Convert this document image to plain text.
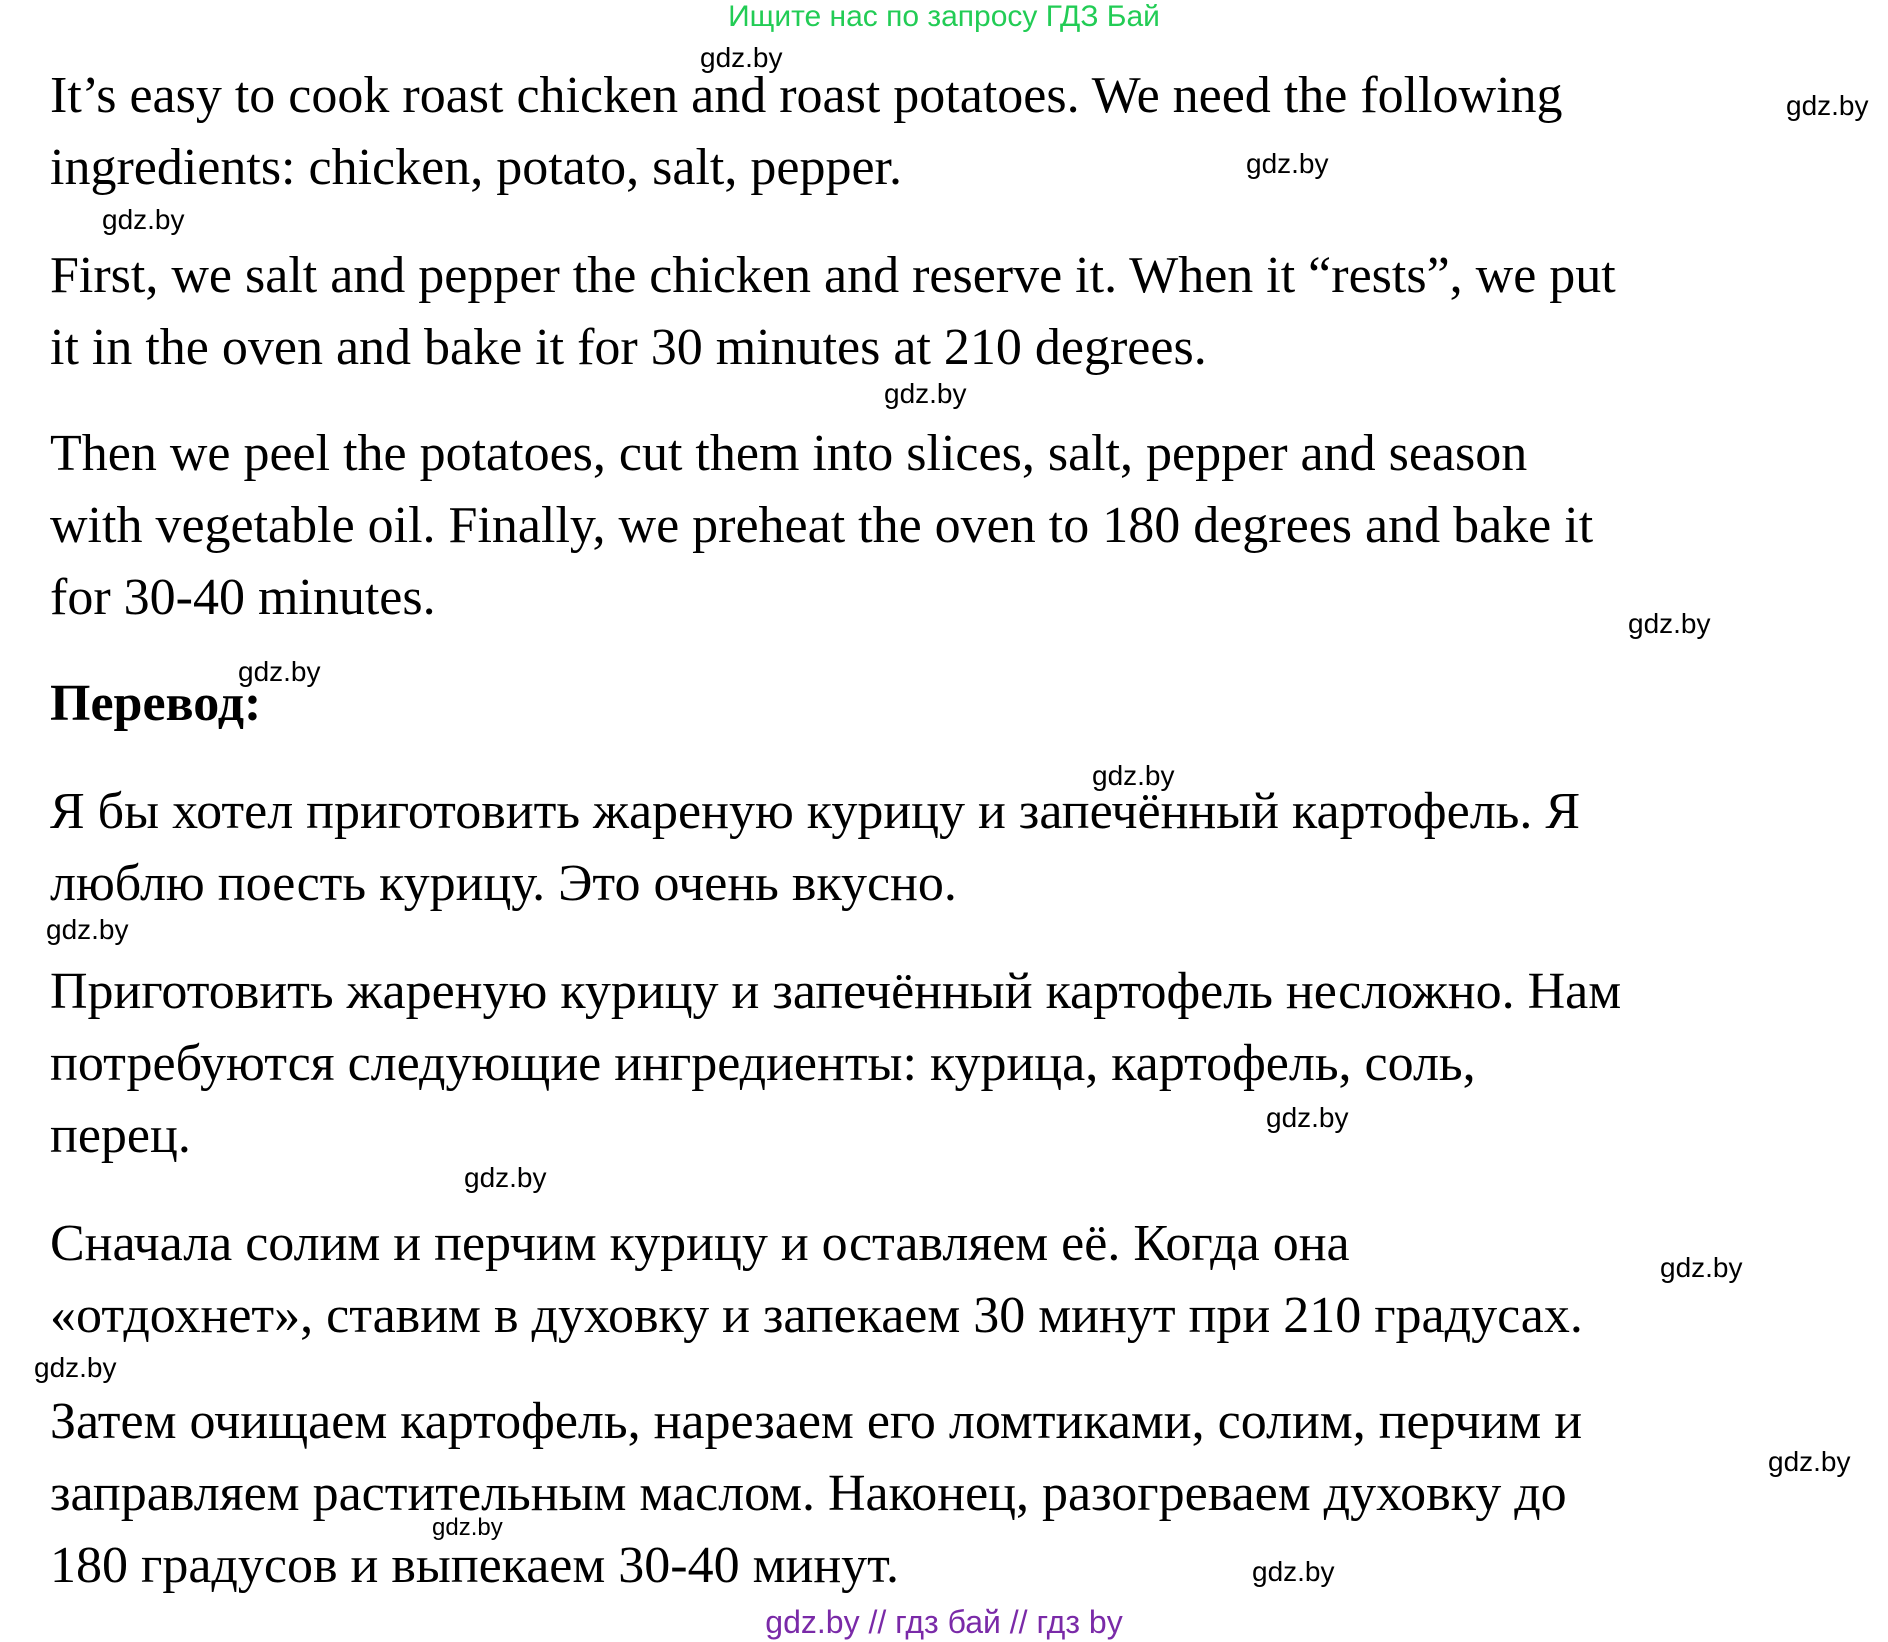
Ищите нас по запросу ГДЗ Бай
It’s easy to cook roast chicken and roast potatoes. We need the following
ingredients: chicken, potato, salt, pepper.
First, we salt and pepper the chicken and reserve it. When it “rests”, we put
it in the oven and bake it for 30 minutes at 210 degrees.
Then we peel the potatoes, cut them into slices, salt, pepper and season
with vegetable oil. Finally, we preheat the oven to 180 degrees and bake it
for 30-40 minutes.
Перевод:
Я бы хотел приготовить жареную курицу и запечённый картофель. Я
люблю поесть курицу. Это очень вкусно.
Приготовить жареную курицу и запечённый картофель несложно. Нам
потребуются следующие ингредиенты: курица, картофель, соль,
перец.
Сначала солим и перчим курицу и оставляем её. Когда она
«отдохнет», ставим в духовку и запекаем 30 минут при 210 градусах.
Затем очищаем картофель, нарезаем его ломтиками, солим, перчим и
заправляем растительным маслом. Наконец, разогреваем духовку до
180 градусов и выпекаем 30-40 минут.
gdz.by
gdz.by
gdz.by
gdz.by
gdz.by
gdz.by
gdz.by
gdz.by
gdz.by
gdz.by
gdz.by
gdz.by
gdz.by
gdz.by
gdz.by
gdz.by
gdz.by // гдз бай // гдз by
